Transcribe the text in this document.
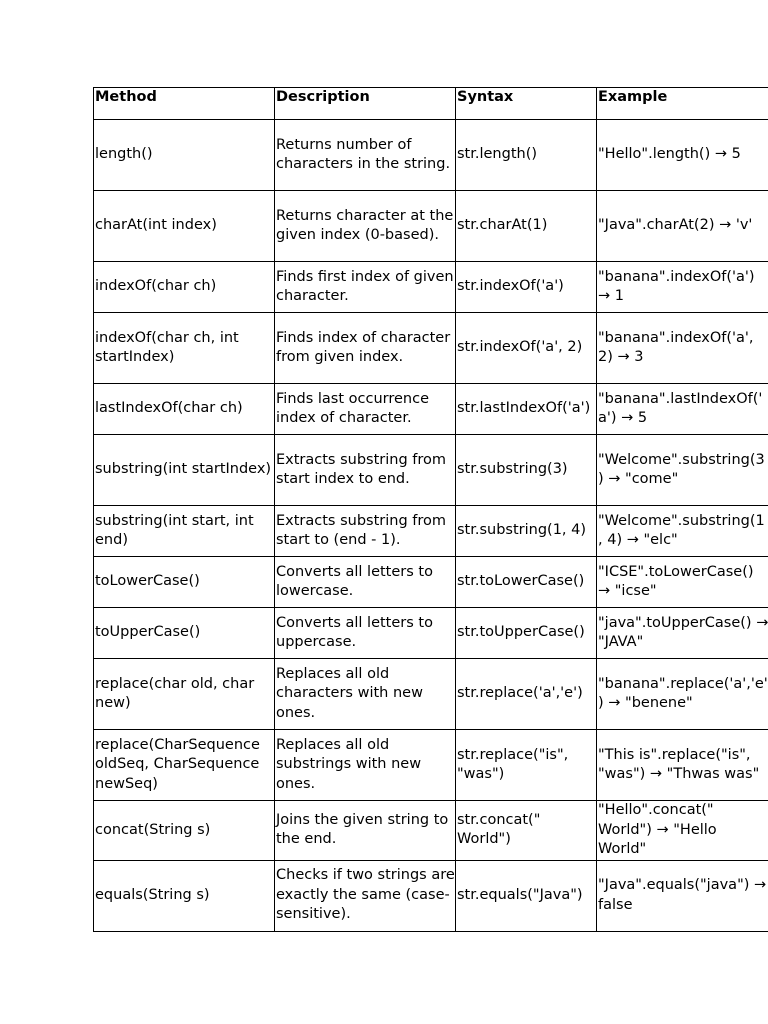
Method	Description	Syntax	Example
length()	Returns number of characters in the string.	str.length()	"Hello".length() → 5
charAt(int index)	Returns character at the given index (0-based).	str.charAt(1)	"Java".charAt(2) → 'v'
indexOf(char ch)	Finds first index of given character.	str.indexOf('a')	"banana".indexOf('a') → 1
indexOf(char ch, int startIndex)	Finds index of character from given index.	str.indexOf('a', 2)	"banana".indexOf('a', 2) → 3
lastIndexOf(char ch)	Finds last occurrence index of character.	str.lastIndexOf('a')	"banana".lastIndexOf('a') → 5
substring(int startIndex)	Extracts substring from start index to end.	str.substring(3)	"Welcome".substring(3) → "come"
substring(int start, int end)	Extracts substring from start to (end - 1).	str.substring(1, 4)	"Welcome".substring(1, 4) → "elc"
toLowerCase()	Converts all letters to lowercase.	str.toLowerCase()	"ICSE".toLowerCase() → "icse"
toUpperCase()	Converts all letters to uppercase.	str.toUpperCase()	"java".toUpperCase() → "JAVA"
replace(char old, char new)	Replaces all old characters with new ones.	str.replace('a','e')	"banana".replace('a','e') → "benene"
replace(CharSequence oldSeq, CharSequence newSeq)	Replaces all old substrings with new ones.	str.replace("is", "was")	"This is".replace("is", "was") → "Thwas was"
concat(String s)	Joins the given string to the end.	str.concat(" World")	"Hello".concat(" World") → "Hello World"
equals(String s)	Checks if two strings are exactly the same (case-sensitive).	str.equals("Java")	"Java".equals("java") → false
